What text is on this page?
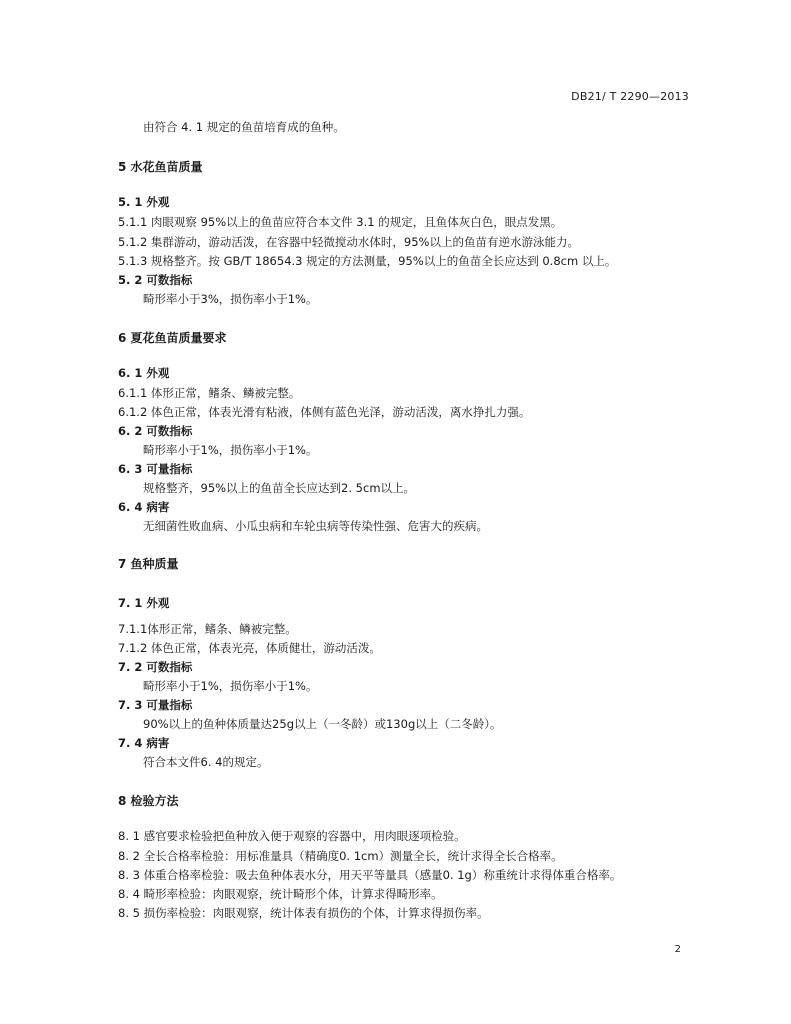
DB21/ T 2290—2013
由符合 4. 1 规定的鱼苗培育成的鱼种。
5 水花鱼苗质量
5. 1 外观
5.1.1 肉眼观察 95%以上的鱼苗应符合本文件 3.1 的规定，且鱼体灰白色，眼点发黑。
5.1.2 集群游动，游动活泼，在容器中轻微搅动水体时，95%以上的鱼苗有逆水游泳能力。
5.1.3 规格整齐。按 GB/T 18654.3 规定的方法测量，95%以上的鱼苗全长应达到 0.8cm 以上。
5. 2 可数指标
畸形率小于3%，损伤率小于1%。
6 夏花鱼苗质量要求
6. 1 外观
6.1.1 体形正常，鳍条、鳞被完整。
6.1.2 体色正常，体表光滑有粘液，体侧有蓝色光泽，游动活泼，离水挣扎力强。
6. 2 可数指标
畸形率小于1%，损伤率小于1%。
6. 3 可量指标
规格整齐，95%以上的鱼苗全长应达到2. 5cm以上。
6. 4 病害
无细菌性败血病、小瓜虫病和车轮虫病等传染性强、危害大的疾病。
7 鱼种质量
7. 1 外观
7.1.1体形正常，鳍条、鳞被完整。
7.1.2 体色正常，体表光亮，体质健壮，游动活泼。
7. 2 可数指标
畸形率小于1%，损伤率小于1%。
7. 3 可量指标
90%以上的鱼种体质量达25g以上（一冬龄）或130g以上（二冬龄）。
7. 4 病害
符合本文件6. 4的规定。
8 检验方法
8. 1 感官要求检验把鱼种放入便于观察的容器中，用肉眼逐项检验。
8. 2 全长合格率检验：用标准量具（精确度0. 1cm）测量全长，统计求得全长合格率。
8. 3 体重合格率检验：吸去鱼种体表水分，用天平等量具（感量0. 1g）称重统计求得体重合格率。
8. 4 畸形率检验：肉眼观察，统计畸形个体，计算求得畸形率。
8. 5 损伤率检验：肉眼观察，统计体表有损伤的个体，计算求得损伤率。
2
